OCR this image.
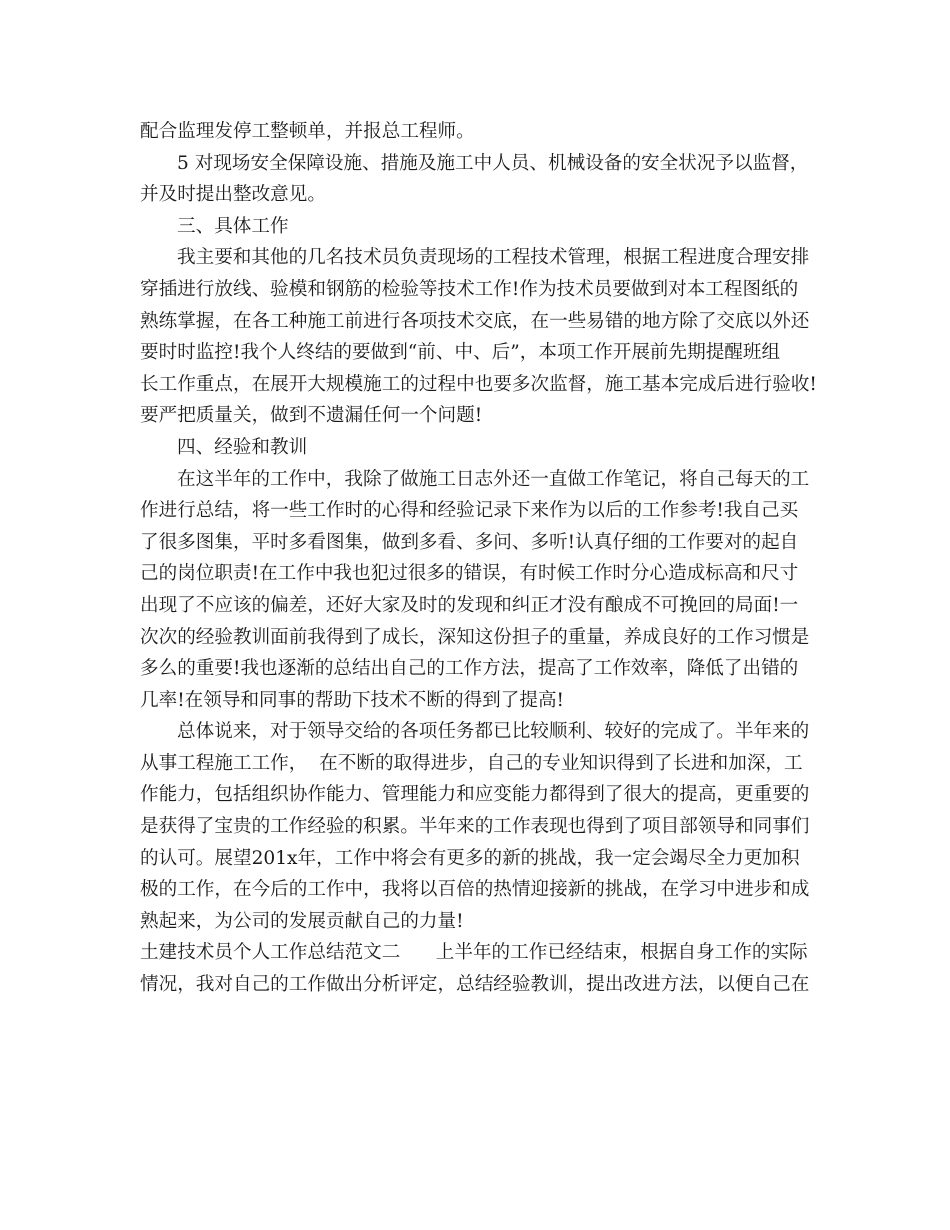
配合监理发停工整顿单，并报总工程师。
5 对现场安全保障设施、措施及施工中人员、机械设备的安全状况予以监督，
并及时提出整改意见。
三、具体工作
我主要和其他的几名技术员负责现场的工程技术管理，根据工程进度合理安排
穿插进行放线、验模和钢筋的检验等技术工作!作为技术员要做到对本工程图纸的
熟练掌握，在各工种施工前进行各项技术交底，在一些易错的地方除了交底以外还
要时时监控!我个人终结的要做到“前、中、后”，本项工作开展前先期提醒班组
长工作重点，在展开大规模施工的过程中也要多次监督，施工基本完成后进行验收!
要严把质量关，做到不遗漏任何一个问题!
四、经验和教训
在这半年的工作中，我除了做施工日志外还一直做工作笔记，将自己每天的工
作进行总结，将一些工作时的心得和经验记录下来作为以后的工作参考!我自己买
了很多图集，平时多看图集，做到多看、多问、多听!认真仔细的工作要对的起自
己的岗位职责!在工作中我也犯过很多的错误，有时候工作时分心造成标高和尺寸
出现了不应该的偏差，还好大家及时的发现和纠正才没有酿成不可挽回的局面!一
次次的经验教训面前我得到了成长，深知这份担子的重量，养成良好的工作习惯是
多么的重要!我也逐渐的总结出自己的工作方法，提高了工作效率，降低了出错的
几率!在领导和同事的帮助下技术不断的得到了提高!
总体说来，对于领导交给的各项任务都已比较顺利、较好的完成了。半年来的
从事工程施工工作，  在不断的取得进步，自己的专业知识得到了长进和加深，工
作能力，包括组织协作能力、管理能力和应变能力都得到了很大的提高，更重要的
是获得了宝贵的工作经验的积累。半年来的工作表现也得到了项目部领导和同事们
的认可。展望201x年，工作中将会有更多的新的挑战，我一定会竭尽全力更加积
极的工作，在今后的工作中，我将以百倍的热情迎接新的挑战，在学习中进步和成
熟起来，为公司的发展贡献自己的力量!
土建技术员个人工作总结范文二      上半年的工作已经结束，根据自身工作的实际
情况，我对自己的工作做出分析评定，总结经验教训，提出改进方法，以便自己在
